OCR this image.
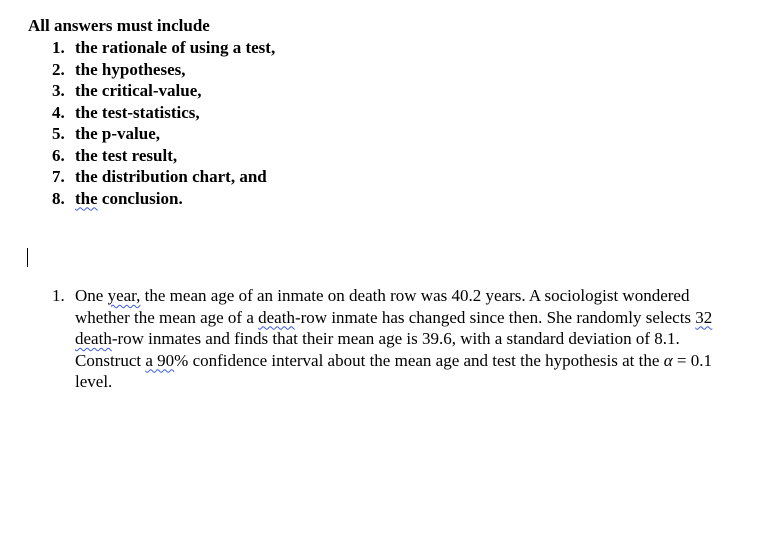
All answers must include
1. the rationale of using a test,
2. the hypotheses,
3. the critical-value,
4. the test-statistics,
5. the p-value,
6. the test result,
7. the distribution chart, and
8. the conclusion.
1. One year, the mean age of an inmate on death row was 40.2 years. A sociologist wondered whether the mean age of a death-row inmate has changed since then. She randomly selects 32 death-row inmates and finds that their mean age is 39.6, with a standard deviation of 8.1. Construct a 90% confidence interval about the mean age and test the hypothesis at the α = 0.1 level.
